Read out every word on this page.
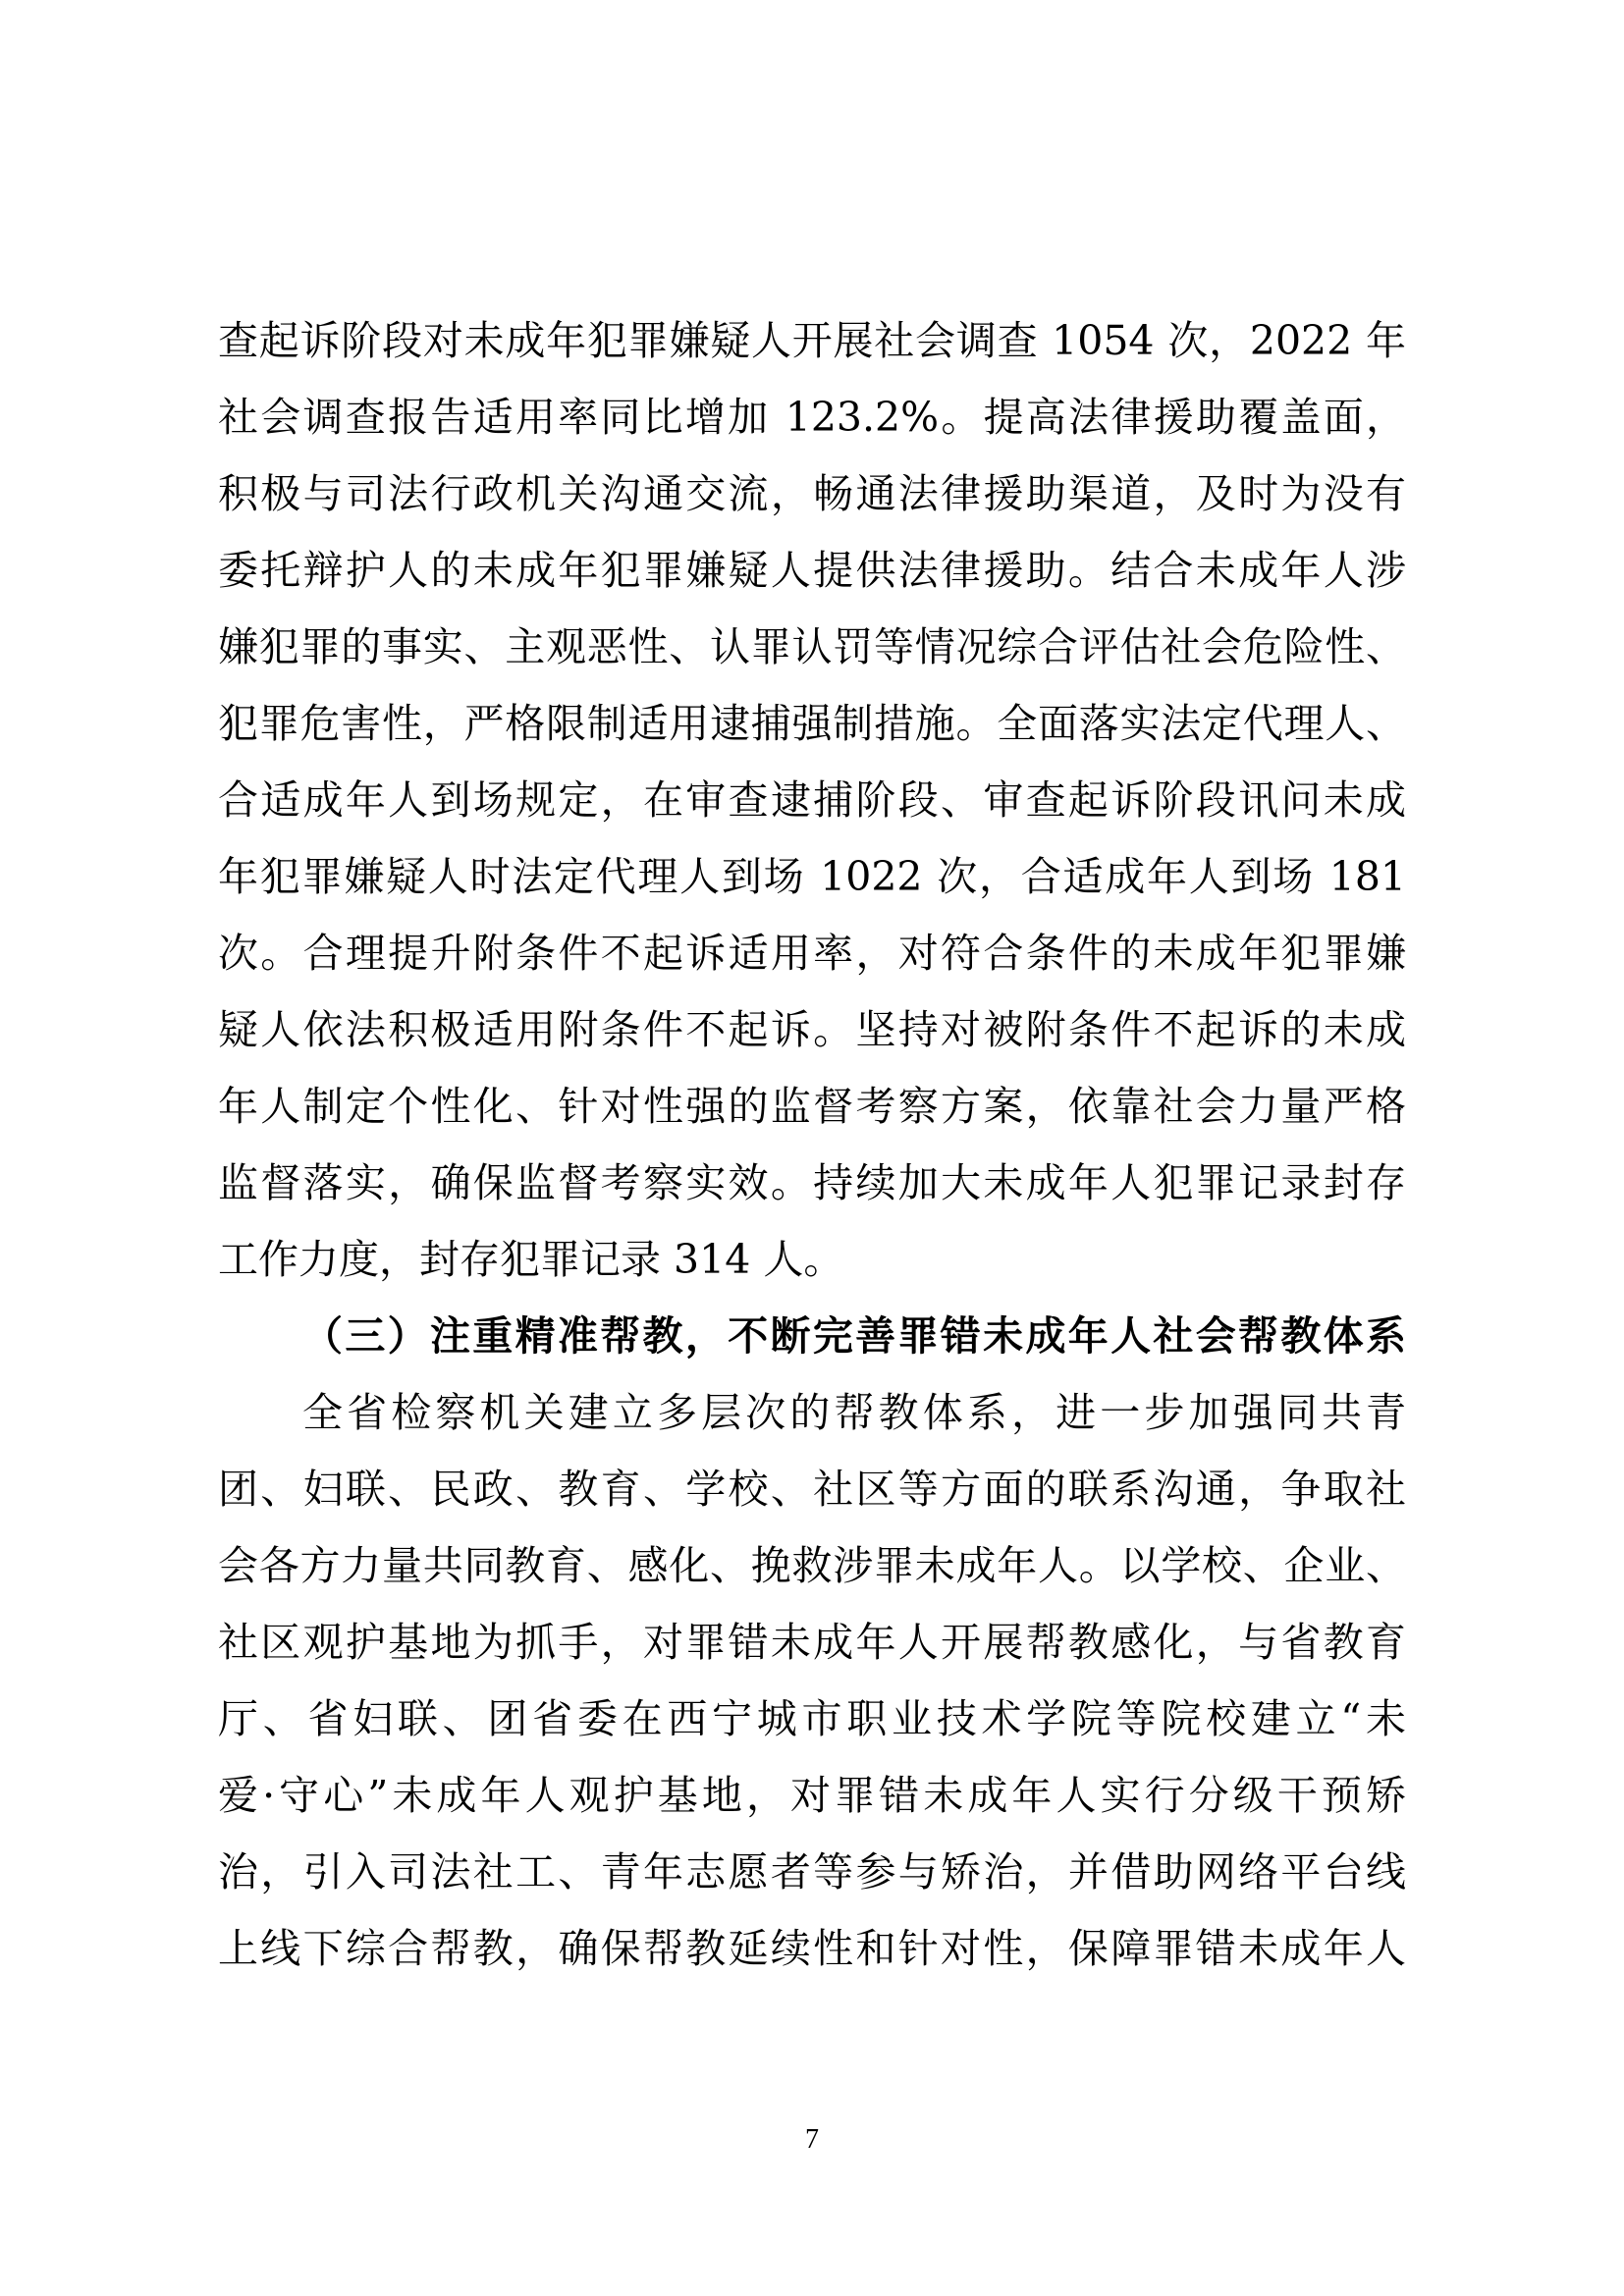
查起诉阶段对未成年犯罪嫌疑人开展社会调查 1054 次，2022 年
社会调查报告适用率同比增加 123.2%。提高法律援助覆盖面，
积极与司法行政机关沟通交流，畅通法律援助渠道，及时为没有
委托辩护人的未成年犯罪嫌疑人提供法律援助。结合未成年人涉
嫌犯罪的事实、主观恶性、认罪认罚等情况综合评估社会危险性、
犯罪危害性，严格限制适用逮捕强制措施。全面落实法定代理人、
合适成年人到场规定，在审查逮捕阶段、审查起诉阶段讯问未成
年犯罪嫌疑人时法定代理人到场 1022 次，合适成年人到场 181
次。合理提升附条件不起诉适用率，对符合条件的未成年犯罪嫌
疑人依法积极适用附条件不起诉。坚持对被附条件不起诉的未成
年人制定个性化、针对性强的监督考察方案，依靠社会力量严格
监督落实，确保监督考察实效。持续加大未成年人犯罪记录封存
工作力度，封存犯罪记录 314 人。
（三）注重精准帮教，不断完善罪错未成年人社会帮教体系
全省检察机关建立多层次的帮教体系，进一步加强同共青
团、妇联、民政、教育、学校、社区等方面的联系沟通，争取社
会各方力量共同教育、感化、挽救涉罪未成年人。以学校、企业、
社区观护基地为抓手，对罪错未成年人开展帮教感化，与省教育
厅、省妇联、团省委在西宁城市职业技术学院等院校建立“未
爱·守心”未成年人观护基地，对罪错未成年人实行分级干预矫
治，引入司法社工、青年志愿者等参与矫治，并借助网络平台线
上线下综合帮教，确保帮教延续性和针对性，保障罪错未成年人
7
